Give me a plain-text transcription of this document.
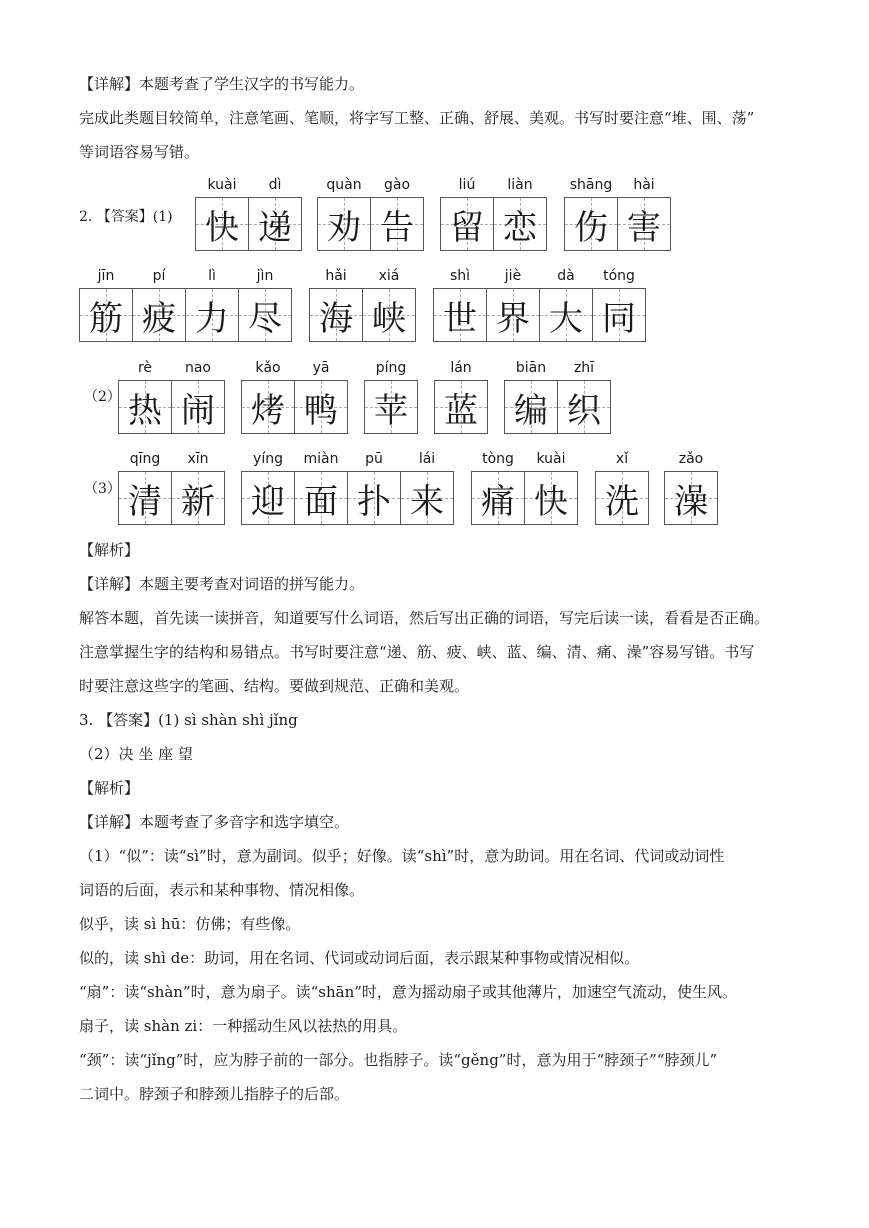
【详解】本题考查了学生汉字的书写能力。
完成此类题目较简单，注意笔画、笔顺，将字写工整、正确、舒展、美观。书写时要注意“堆、围、荡”
等词语容易写错。
2. 【答案】(1)
（2）
（3）
kuài	dì
快 递
quàn	gào
劝 告
liú	liàn
留 恋
shāng	hài
伤 害
jīn	pí	lì	jìn
筋 疲 力 尽
hǎi	xiá
海 峡
shì	jiè	dà	tóng
世 界 大 同
rè	nao
热 闹
kǎo	yā
烤 鸭
píng
苹
lán
蓝
biān	zhī
编 织
qīng	xīn
清 新
yíng	miàn	pū	lái
迎 面 扑 来
tòng	kuài
痛 快
xǐ
洗
zǎo
澡
【解析】
【详解】本题主要考查对词语的拼写能力。
解答本题，首先读一读拼音，知道要写什么词语，然后写出正确的词语，写完后读一读，看看是否正确。
注意掌握生字的结构和易错点。书写时要注意“递、筋、疲、峡、蓝、编、清、痛、澡”容易写错。书写
时要注意这些字的笔画、结构。要做到规范、正确和美观。
3. 【答案】(1) sì shàn shì jǐng
（2）决 坐 座 望
【解析】
【详解】本题考查了多音字和选字填空。
（1）“似”：读“sì”时，意为副词。似乎；好像。读“shì”时，意为助词。用在名词、代词或动词性
词语的后面，表示和某种事物、情况相像。
似乎，读 sì hū：仿佛；有些像。
似的，读 shì de：助词，用在名词、代词或动词后面，表示跟某种事物或情况相似。
“扇”：读“shàn”时，意为扇子。读“shān”时，意为摇动扇子或其他薄片，加速空气流动，使生风。
扇子，读 shàn zi：一种摇动生风以祛热的用具。
“颈”：读“jǐng”时，应为脖子前的一部分。也指脖子。读“gěng”时，意为用于“脖颈子”“脖颈儿”
二词中。脖颈子和脖颈儿指脖子的后部。
